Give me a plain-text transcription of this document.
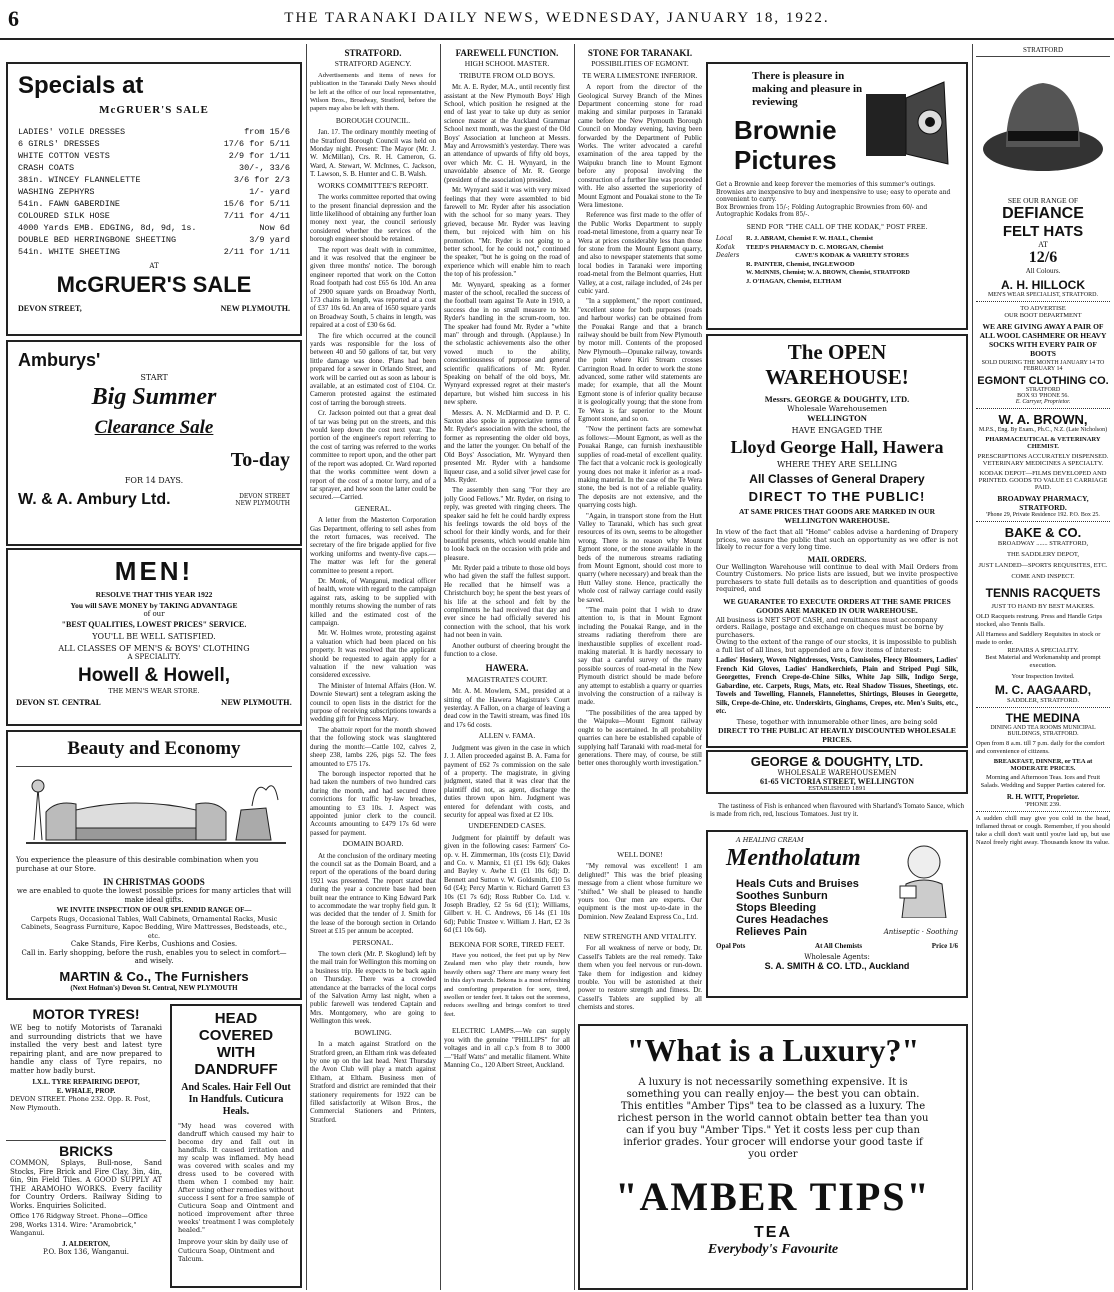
6	THE TARANAKI DAILY NEWS, WEDNESDAY, JANUARY 18, 1922.
Specials at
McGRUER'S SALE
LADIES' VOILE DRESSES	from 15/6
6 GIRLS' DRESSES	17/6 for 5/11
WHITE COTTON VESTS	2/9 for 1/11
CRASH COATS	30/-, 33/6
38in. WINCEY FLANNELETTE	3/6 for 2/3
WASHING ZEPHYRS	1/- yard
54in. FAWN GABERDINE	15/6 for 5/11
COLOURED SILK HOSE	7/11 for 4/11
4000 Yards EMB. EDGING, 8d, 9d, 1s.	Now 6d
DOUBLE BED HERRINGBONE SHEETING	3/9 yard
54in. WHITE SHEETING	2/11 for 1/11
AT
McGRUER'S SALE
DEVON STREET,	NEW PLYMOUTH.
Amburys'
START
Big Summer
Clearance Sale
To-day
FOR 14 DAYS.
W. & A. Ambury Ltd.	DEVON STREET NEW PLYMOUTH
MEN!
RESOLVE THAT THIS YEAR 1922
You will SAVE MONEY by TAKING ADVANTAGE
of our
"BEST QUALITIES, LOWEST PRICES" SERVICE.
YOU'LL BE WELL SATISFIED.
ALL CLASSES OF MEN'S & BOYS' CLOTHING
A SPECIALITY.
Howell & Howell,
THE MEN'S WEAR STORE.
DEVON ST. CENTRAL	NEW PLYMOUTH.
Beauty and Economy
You experience the pleasure of this desirable combination when you purchase at our Store.
IN CHRISTMAS GOODS
we are enabled to quote the lowest possible prices for many articles that will make ideal gifts.
WE INVITE INSPECTION OF OUR SPLENDID RANGE OF—
Carpets Rugs, Occasional Tables, Wall Cabinets, Ornamental Racks, Music Cabinets, Seagrass Furniture, Kapoc Bedding, Wire Mattresses, Bedsteads, etc., etc.
Cake Stands, Fire Kerbs, Cushions and Cosies.
Call in. Early shopping, before the rush, enables you to select in comfort—and wisely.
MARTIN & Co., The Furnishers
(Next Hofman's) Devon St. Central, NEW PLYMOUTH
MOTOR TYRES!
WE beg to notify Motorists of Taranaki and surrounding districts that we have installed the very best and latest tyre repairing plant, and are now prepared to handle any class of Tyre repairs, no matter how badly burst.
I.X.L. TYRE REPAIRING DEPOT,
E. WHALE, PROP.
DEVON STREET. Phone 232. Opp. R. Post, New Plymouth.
BRICKS
COMMON, Splays, Bull-nose, Sand Stocks, Fire Brick and Fire Clay, 3in, 4in, 6in, 9in Field Tiles. A GOOD SUPPLY AT THE ARAMOHO WORKS. Every facility for Country Orders. Railway Siding to Works. Enquiries Solicited.
Office 176 Ridgway Street. Phone—Office 298, Works 1314. Wire: "Aramobrick," Wanganui.
J. ALDERTON,
P.O. Box 136, Wanganui.
HEAD COVERED WITH DANDRUFF
And Scales. Hair Fell Out In Handfuls. Cuticura Heals.
"My head was covered with dandruff which caused my hair to become dry and fall out in handfuls. It caused irritation and my scalp was inflamed. My head was covered with scales and my dress used to be covered with them when I combed my hair. After using other remedies without success I sent for a free sample of Cuticura Soap and Ointment and noticed improvement after three weeks' treatment I was completely healed."
Improve your skin by daily use of Cuticura Soap, Ointment and Talcum.
STRATFORD.
STRATFORD AGENCY.

Advertisements and items of news for publication in the Taranaki Daily News should be left at the office of our local representative, Wilson Bros., Broadway, Stratford, before the papers may also be left with them.

BOROUGH COUNCIL.

Jan. 17. The ordinary monthly meeting of the Stratford Borough Council was held on Monday night. Present: The Mayor (Mr. J. W. McMillan), Crs. R. H. Cameron, G. Ward, A. Stewart, W. McInnes, C. Jackson, T. Lawson, S. B. Hunter and C. B. Walsh.

WORKS COMMITTEE'S REPORT.

The works committee reported that owing to the present financial depression and the little likelihood of obtaining any further loan money next year, the council seriously considered whether the services of the borough engineer should be retained.

The report was dealt with in committee, and it was resolved that the engineer be given three months' notice. The borough engineer reported that work on the Cotton Road footpath had cost £65 6s 10d. An area of 2900 square yards on Broadway North, 173 chains in length, was reported at a cost of £37 10s 6d. An area of 1650 square yards on Broadway South, 5 chains in length, was repaired at a cost of £30 6s 6d.

The fire which occurred at the council yards was responsible for the loss of between 40 and 50 gallons of tar, but very little damage was done. Plans had been prepared for a sewer in Orlando Street, and work will be carried out as soon as labour is available, at an estimated cost of £104. Cr. Cameron protested against the estimated cost of tarring the borough streets.

Cr. Jackson pointed out that a great deal of tar was being put on the streets, and this would keep down the cost next year. The portion of the engineer's report referring to the cost of tarring was referred to the works committee to report upon, and the other part of the report was adopted. Cr. Ward reported that the works committee went down a report of the cost of a motor lorry, and of a tar sprayer, and how soon the latter could be secured.—Carried.

GENERAL.

A letter from the Masterton Corporation Gas Department, offering to sell ashes from the retort furnaces, was received. The secretary of the fire brigade applied for five working uniforms and twenty-five caps.—The matter was left for the general committee to present a report.

Dr. Monk, of Wanganui, medical officer of health, wrote with regard to the campaign against rats, asking to be supplied with monthly returns showing the number of rats killed and the estimated cost of the campaign.

Mr. W. Holmes wrote, protesting against a valuation which had been placed on his property. It was resolved that the applicant should be requested to again apply for a valuation if the new valuation was considered excessive.

The Minister of Internal Affairs (Hon. W. Downie Stewart) sent a telegram asking the council to open lists in the district for the purpose of receiving subscriptions towards a wedding gift for Princess Mary.

The abattoir report for the month showed that the following stock was slaughtered during the month:—Cattle 102, calves 2, sheep 238, lambs 226, pigs 52. The fees amounted to £75 17s.

The borough inspector reported that he had taken the numbers of two hundred cars during the month, and had secured three convictions for traffic by-law breaches, amounting to £3 10s. J. Aspect was appointed junior clerk to the council. Accounts amounting to £479 17s 6d were passed for payment.

DOMAIN BOARD.

At the conclusion of the ordinary meeting the council sat as the Domain Board, and a report of the operations of the board during 1921 was presented. The report stated that during the year a concrete base had been built near the entrance to King Edward Park to accommodate the war trophy field gun. It was decided that the tender of J. Smith for the lease of the borough section in Orlando Street at £15 per annum be accepted.

PERSONAL.

The town clerk (Mr. P. Skoglund) left by the mail train for Wellington this morning on a business trip. He expects to be back again on Thursday. There was a crowded attendance at the barracks of the local corps of the Salvation Army last night, when a public farewell was tendered Captain and Mrs. Montgomery, who are going to Wellington this week.

BOWLING.

In a match against Stratford on the Stratford green, an Eltham rink was defeated by one up on the last head. Next Thursday the Avon Club will play a match against Eltham, at Eltham. Business men of Stratford and district are reminded that their stationery requirements for 1922 can be filled satisfactorily at Wilson Bros., the Commercial Stationers and Printers, Stratford.

FAREWELL FUNCTION.
HIGH SCHOOL MASTER.
TRIBUTE FROM OLD BOYS.

Mr. A. E. Ryder, M.A., until recently first assistant at the New Plymouth Boys' High School, which position he resigned at the end of last year to take up duty as senior science master at the Auckland Grammar School next month, was the guest of the Old Boys' Association at luncheon at Messrs. May and Arrowsmith's yesterday. There was an attendance of upwards of fifty old boys, over which Mr. C. H. Wynyard, in the unavoidable absence of Mr. R. George (president of the association) presided.

Mr. Wynyard said it was with very mixed feelings that they were assembled to bid farewell to Mr. Ryder after his association with the school for so many years. They grieved, because Mr. Ryder was leaving them, but rejoiced with him on his promotion. "Mr. Ryder is not going to a better school, for he could not," continued the speaker, "but he is going on the road of experience which will enable him to reach the top of his profession."

Mr. Wynyard, speaking as a former master of the school, recalled the success of the football team against Te Aute in 1910, a success due in no small measure to Mr. Ryder's handling in the scrum-room, too. The speaker had found Mr. Ryder a "white man" through and through. (Applause.) In the scholastic achievements also the other vowed much to the ability, conscientiousness of purpose and general scientific qualifications of Mr. Ryder. Speaking on behalf of the old boys, Mr. Wynyard expressed regret at their master's departure, but wished him success in his new sphere.

Messrs. A. N. McDiarmid and D. P. C. Saxton also spoke in appreciative terms of Mr. Ryder's association with the school, the former as representing the older old boys, and the latter the younger. On behalf of the Old Boys' Association, Mr. Wynyard then presented Mr. Ryder with a handsome liqueur case, and a solid silver jewel case for Mrs. Ryder.

The assembly then sang "For they are jolly Good Fellows." Mr. Ryder, on rising to reply, was greeted with ringing cheers. The speaker said he felt he could hardly express his feelings towards the old boys of the school for their kindly words, and for their beautiful presents, which would enable him to look back on the occasion with pride and pleasure.

Mr. Ryder paid a tribute to those old boys who had given the staff the fullest support. He recalled that he himself was a Christchurch boy; he spent the best years of his life at the school and felt by the compliments he had received that day and ever since he had officially severed his connection with the school, that his work had not been in vain.

Another outburst of cheering brought the function to a close.

HAWERA.
MAGISTRATE'S COURT.

Mr. A. M. Mowlem, S.M., presided at a sitting of the Hawera Magistrate's Court yesterday. A Fallon, on a charge of leaving a dead cow in the Tawiti stream, was fined 10s and 17s 6d costs.

ALLEN v. FAMA.

Judgment was given in the case in which J. J. Allen proceeded against B. A. Fama for payment of £62 7s commission on the sale of a property. The magistrate, in giving judgment, stated that it was clear that the plaintiff did not, as agent, discharge the duties thrown upon him. Judgment was entered for defendant with costs, and security for appeal was fixed at £2 10s.

UNDEFENDED CASES.

Judgment for plaintiff by default was given in the following cases: Farmers' Co-op. v. H. Zimmerman, 10s (costs £1); David and Co. v. Mannix, £1 (£1 19s 6d); Oakes and Bayley v. Awhe £1 (£1 10s 6d); D. Bennett and Sutton v. W. Goldsmith, £10 5s 6d (£4); Percy Martin v. Richard Garrett £3 10s (£1 7s 6d); Ross Rubber Co. Ltd. v. Joseph Bradley, £2 5s 6d (£1); Williams, Gilbert v. H. C. Andrews, £6 14s (£1 10s 6d); Public Trustee v. William J. Hart, £2 3s 6d (£1 10s 6d).

BEKONA FOR SORE, TIRED FEET.

Have you noticed, the feet put up by New Zealand men who play their rounds, how heavily others sag? There are many weary feet in this day's march. Bekona is a most refreshing and comforting preparation for sore, tired, swollen or tender feet. It takes out the soreness, reduces swelling and brings comfort to tired feet.

ELECTRIC LAMPS.—We can supply you with the genuine "PHILLIPS" for all voltages and in all c.p.'s from 8 to 3000—"Half Watts" and metallic filament. White Manning Co., 120 Albert Street, Auckland.

STONE FOR TARANAKI.
POSSIBILITIES OF EGMONT.
TE WERA LIMESTONE INFERIOR.

A report from the director of the Geological Survey Branch of the Mines Department concerning stone for road making and similar purposes in Taranaki came before the New Plymouth Borough Council on Monday evening, having been forwarded by the Department of Public Works. The writer advocated a careful examination of the area tapped by the Waipuku branch line to Mount Egmont before any proposal involving the construction of a further line was proceeded with. He also asserted the superiority of Mount Egmont and Pouakai stone to the Te Wera limestone.

Reference was first made to the offer of the Public Works Department to supply road-metal limestone, from a quarry near Te Wera at prices considerably less than those for stone from the Mount Egmont quarry, and also to newspaper statements that some local bodies in Taranaki were importing road-metal from the Belmont quarries, Hutt Valley, at a cost, railage included, of 24s per cubic yard.

"In a supplement," the report continued, "excellent stone for both purposes (roads and harbour works) can be obtained from the Pouakai Range and that a branch railway should be built from New Plymouth by motor mill. Contents of the proposed New Plymouth—Opunake railway, towards the point where Kiri Stream crosses Carrington Road. In order to work the stone advanced, some rather wild statements are made; for example, that all the Mount Egmont stone is of inferior quality because it is geologically young; that the stone from Te Wera is far superior to the Mount Egmont stone, and so on.

"Now the pertinent facts are somewhat as follows:—Mount Egmont, as well as the Pouakai Range, can furnish inexhaustible supplies of road-metal of excellent quality. The fact that a volcanic rock is geologically young does not make it inferior as a road-making material. In the case of the Te Wera stone, the bed is not of a reliable quality. The deposits are not extensive, and the quarrying costs high.

"Again, in transport stone from the Hutt Valley to Taranaki, which has such great resources of its own, seems to be altogether wrong. There is no reason why Mount Egmont stone, or the stone available in the beds of the numerous streams radiating from Mount Egmont, should cost more to quarry (where necessary) and break than the Hutt Valley stone. Hence, practically the whole cost of railway carriage could easily be saved.

"The main point that I wish to draw attention to, is that in Mount Egmont including the Pouakai Range, and in the streams radiating therefrom there are inexhaustible supplies of excellent road-making material. It is hardly necessary to say that a careful survey of the many possible sources of road-metal in the New Plymouth district should be made before any attempt to establish a quarry or quarries involving the construction of a railway is made.

"The possibilities of the area tapped by the Waipuku—Mount Egmont railway ought to be ascertained. In all probability quarries can here be established capable of supplying half Taranaki with road-metal for generations. There may, of course, be still better ones thoroughly worth investigation."

WELL DONE!

"My removal was excellent! I am delighted!" This was the brief pleasing message from a client whose furniture we "shifted." We shall be pleased to handle yours too. Our men are experts. Our equipment is the most up-to-date in the Dominion. New Zealand Express Co., Ltd.

There is pleasure in making and pleasure in reviewing
Brownie Pictures
Get a Brownie and keep forever the memories of this summer's outings. Brownies are inexpensive to buy and inexpensive to use; easy to operate and convenient to carry.
Box Brownies from 15/-; Folding Autographic Brownies from 60/- and Autographic Kodaks from 85/-.
SEND FOR "THE CALL OF THE KODAK," POST FREE.
Local Kodak Dealers
R. J. ABRAM, Chemist F. W. HALL, Chemist
TEED'S PHARMACY D. C. MORGAN, Chemist
CAVE'S KODAK & VARIETY STORES
R. PAINTER, Chemist, INGLEWOOD
W. McINNIS, Chemist; W. A. BROWN, Chemist, STRATFORD
J. O'HAGAN, Chemist, ELTHAM
The OPEN WAREHOUSE!
Messrs. GEORGE & DOUGHTY, LTD.
Wholesale Warehousemen
WELLINGTON
HAVE ENGAGED THE
Lloyd George Hall, Hawera
WHERE THEY ARE SELLING
All Classes of General Drapery
DIRECT TO THE PUBLIC!
AT SAME PRICES THAT GOODS ARE MARKED IN OUR WELLINGTON WAREHOUSE.
In view of the fact that all "Home" cables advise a hardening of Drapery prices, we assure the public that such an opportunity as we offer is not likely to recur for a very long time.
MAIL ORDERS.
Our Wellington Warehouse will continue to deal with Mail Orders from Country Customers. No price lists are issued, but we invite prospective purchasers to state full details as to description and quantities of goods required, and
WE GUARANTEE TO EXECUTE ORDERS AT THE SAME PRICES GOODS ARE MARKED IN OUR WAREHOUSE.
All business is NET SPOT CASH, and remittances must accompany orders. Railage, postage and exchange on cheques must be borne by purchasers.
Owing to the extent of the range of our stocks, it is impossible to publish a full list of all lines, but appended are a few items of interest:
Ladies' Hosiery, Woven Nightdresses, Vests, Camisoles, Fleecy Bloomers, Ladies' French Kid Gloves, Ladies' Handkerchiefs, Plain and Striped Pugi Silk, Georgettes, French Crepe-de-Chine Silks, White Jap Silk, Indigo Serge, Gabardine, etc. Carpets, Rugs, Mats, etc. Real Shadow Tissues, Sheetings, etc. Towels and Towelling, Flannels, Flannelettes, Shirtings, Blouses in Georgette, Silk, Crepe-de-Chine, etc. Underskirts, Ginghams, Crepes, etc. Men's Suits, etc., etc.
These, together with innumerable other lines, are being sold
DIRECT TO THE PUBLIC AT HEAVILY DISCOUNTED WHOLESALE PRICES.
GEORGE & DOUGHTY, LTD.
WHOLESALE WAREHOUSEMEN
61-65 VICTORIA STREET, WELLINGTON
ESTABLISHED 1891
A HEALING CREAM
Mentholatum
Heals Cuts and Bruises
Soothes Sunburn
Stops Bleeding
Cures Headaches
Relieves Pain	Antiseptic · Soothing
Opal Pots	At All Chemists	Price 1/6
Wholesale Agents:
S. A. SMITH & CO. LTD., Auckland

The tastiness of Fish is enhanced when flavoured with Sharland's Tomato Sauce, which is made from rich, red, luscious Tomatoes. Just try it.

"What is a Luxury?"
A luxury is not necessarily something expensive. It is something you can really enjoy— the best you can obtain. This entitles "Amber Tips" tea to be classed as a luxury. The richest person in the world cannot obtain better tea than you can if you buy "Amber Tips." Yet it costs less per cup than inferior grades. Your grocer will endorse your good taste if you order
"AMBER TIPS"
TEA
Everybody's Favourite
NEW STRENGTH AND VITALITY.

For all weakness of nerve or body, Dr. Cassell's Tablets are the real remedy. Take them when you feel nervous or run-down. Take them for indigestion and kidney trouble. You will be astonished at their power to restore strength and fitness. Dr. Cassell's Tablets are supplied by all chemists and stores.

STRATFORD
SEE OUR RANGE OF
DEFIANCE
FELT HATS
AT
12/6
All Colours.
A. H. HILLOCK
MEN'S WEAR SPECIALIST, STRATFORD.
TO ADVERTISE
OUR BOOT DEPARTMENT
WE ARE GIVING AWAY A PAIR OF ALL WOOL CASHMERE OR HEAVY SOCKS WITH EVERY PAIR OF BOOTS
SOLD DURING THE MONTH JANUARY 14 TO FEBRUARY 14
EGMONT CLOTHING CO.
STRATFORD
BOX 93 'PHONE 56.
E. Carryer, Proprietor.
W. A. BROWN,
M.P.S., Eng. By Exam., Ph.C., N.Z. (Late Nicholson)
PHARMACEUTICAL & VETERINARY CHEMIST.
PRESCRIPTIONS ACCURATELY DISPENSED. VETERINARY MEDICINES A SPECIALTY.
KODAK DEPOT—FILMS DEVELOPED AND PRINTED. GOODS TO VALUE £1 CARRIAGE PAID.
BROADWAY PHARMACY, STRATFORD.
'Phone 29, Private Residence 192. P.O. Box 25.
BAKE & CO.
BROADWAY ....... STRATFORD,
THE SADDLERY DEPOT,
JUST LANDED—SPORTS REQUISITES, ETC.
COME AND INSPECT.
TENNIS RACQUETS
JUST TO HAND BY BEST MAKERS.
OLD Racquets restrung. Press and Handle Grips stocked, also Tennis Balls.
All Harness and Saddlery Requisites in stock or made to order.
REPAIRS A SPECIALITY.
Best Material and Workmanship and prompt execution.
Your Inspection Invited.
M. C. AAGAARD,
SADDLER, STRATFORD.
THE MEDINA
DINING AND TEA ROOMS MUNICIPAL BUILDINGS, STRATFORD.
Open from 8 a.m. till 7 p.m. daily for the comfort and convenience of citizens.
BREAKFAST, DINNER, or TEA at MODERATE PRICES.
Morning and Afternoon Teas. Ices and Fruit Salads. Wedding and Supper Parties catered for.
R. H. WITT, Proprietor.
'PHONE 239.
A sudden chill may give you cold in the head, inflamed throat or cough. Remember, if you should take a chill don't wait until you're laid up, but use Nazol freely right away. Thousands know its value.
